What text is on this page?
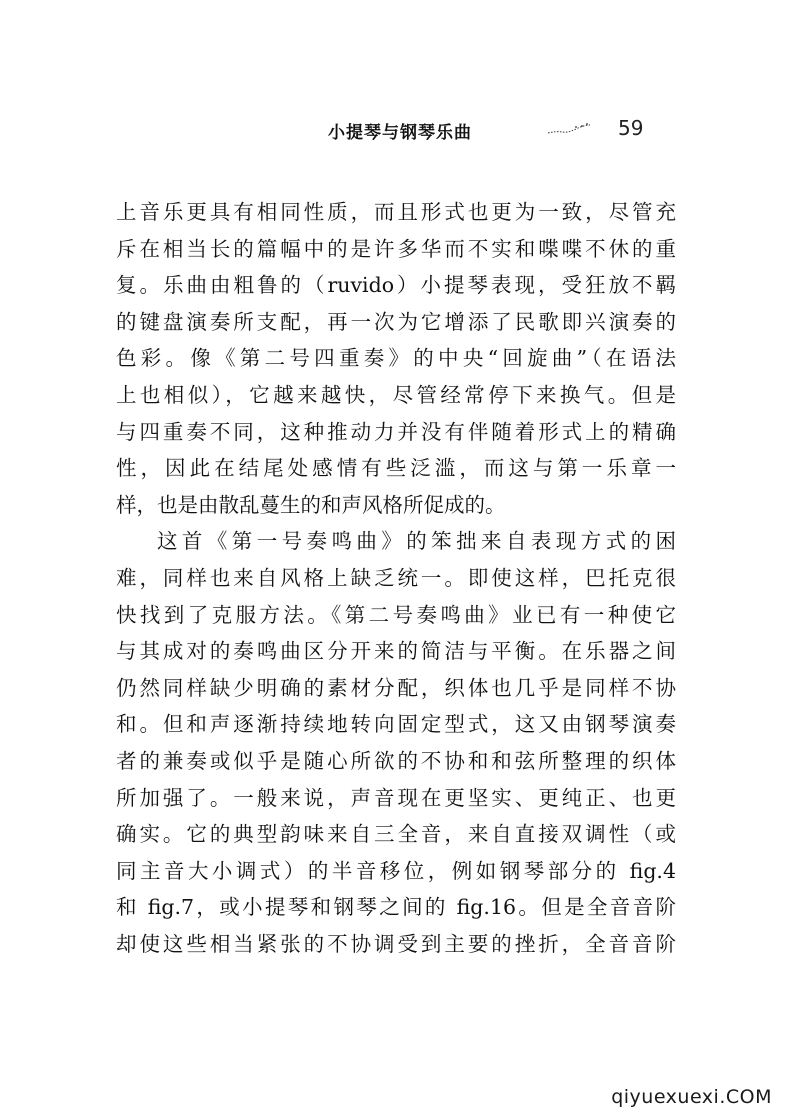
小提琴与钢琴乐曲	59
上音乐更具有相同性质，而且形式也更为一致，尽管充
斥在相当长的篇幅中的是许多华而不实和喋喋不休的重
复。乐曲由粗鲁的（ruvido）小提琴表现，受狂放不羁
的键盘演奏所支配，再一次为它增添了民歌即兴演奏的
色彩。像《第二号四重奏》的中央“回旋曲”（在语法
上也相似），它越来越快，尽管经常停下来换气。但是
与四重奏不同，这种推动力并没有伴随着形式上的精确
性，因此在结尾处感情有些泛滥，而这与第一乐章一
样，也是由散乱蔓生的和声风格所促成的。
这首《第一号奏鸣曲》的笨拙来自表现方式的困
难，同样也来自风格上缺乏统一。即使这样，巴托克很
快找到了克服方法。《第二号奏鸣曲》业已有一种使它
与其成对的奏鸣曲区分开来的简洁与平衡。在乐器之间
仍然同样缺少明确的素材分配，织体也几乎是同样不协
和。但和声逐渐持续地转向固定型式，这又由钢琴演奏
者的兼奏或似乎是随心所欲的不协和和弦所整理的织体
所加强了。一般来说，声音现在更坚实、更纯正、也更
确实。它的典型韵味来自三全音，来自直接双调性（或
同主音大小调式）的半音移位，例如钢琴部分的 fig.4
和 fig.7，或小提琴和钢琴之间的 fig.16。但是全音音阶
却使这些相当紧张的不协调受到主要的挫折，全音音阶
qiyuexuexi.COM
